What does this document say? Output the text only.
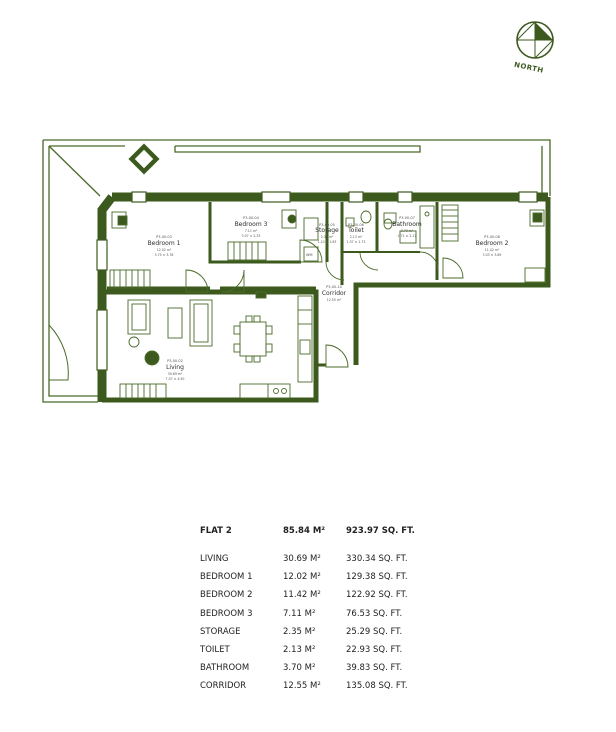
NORTH
WM
P3-00-03
Bedroom 1
12.02 m²
3.75 × 3.78
P3-00-04
Bedroom 3
7.11 m²
3.07 × 2.33
P3-00-05
Storage
2.35 m²
1.10 × 1.63
P3-00-06
Toilet
2.13 m²
1.37 × 1.73
P3-00-07
Bathroom
3.70 m²
1.71 × 2.17	P3-00-08
Bedroom 2
11.42 m²
3.03 × 3.89
P3-00-10
Corridor
12.55 m²
P3-00-02
Living
30.69 m²
7.07 × 4.50
FLAT 2	85.84 M² 923.97 SQ. FT.
LIVING	30.69 M²	330.34 SQ. FT.
BEDROOM 1	12.02 M²	129.38 SQ. FT.
BEDROOM 2	11.42 M²	122.92 SQ. FT.
BEDROOM 3	7.11 M²	76.53 SQ. FT.
STORAGE	2.35 M²	25.29 SQ. FT.
TOILET	2.13 M²	22.93 SQ. FT.
BATHROOM	3.70 M²	39.83 SQ. FT.
CORRIDOR	12.55 M²	135.08 SQ. FT.
